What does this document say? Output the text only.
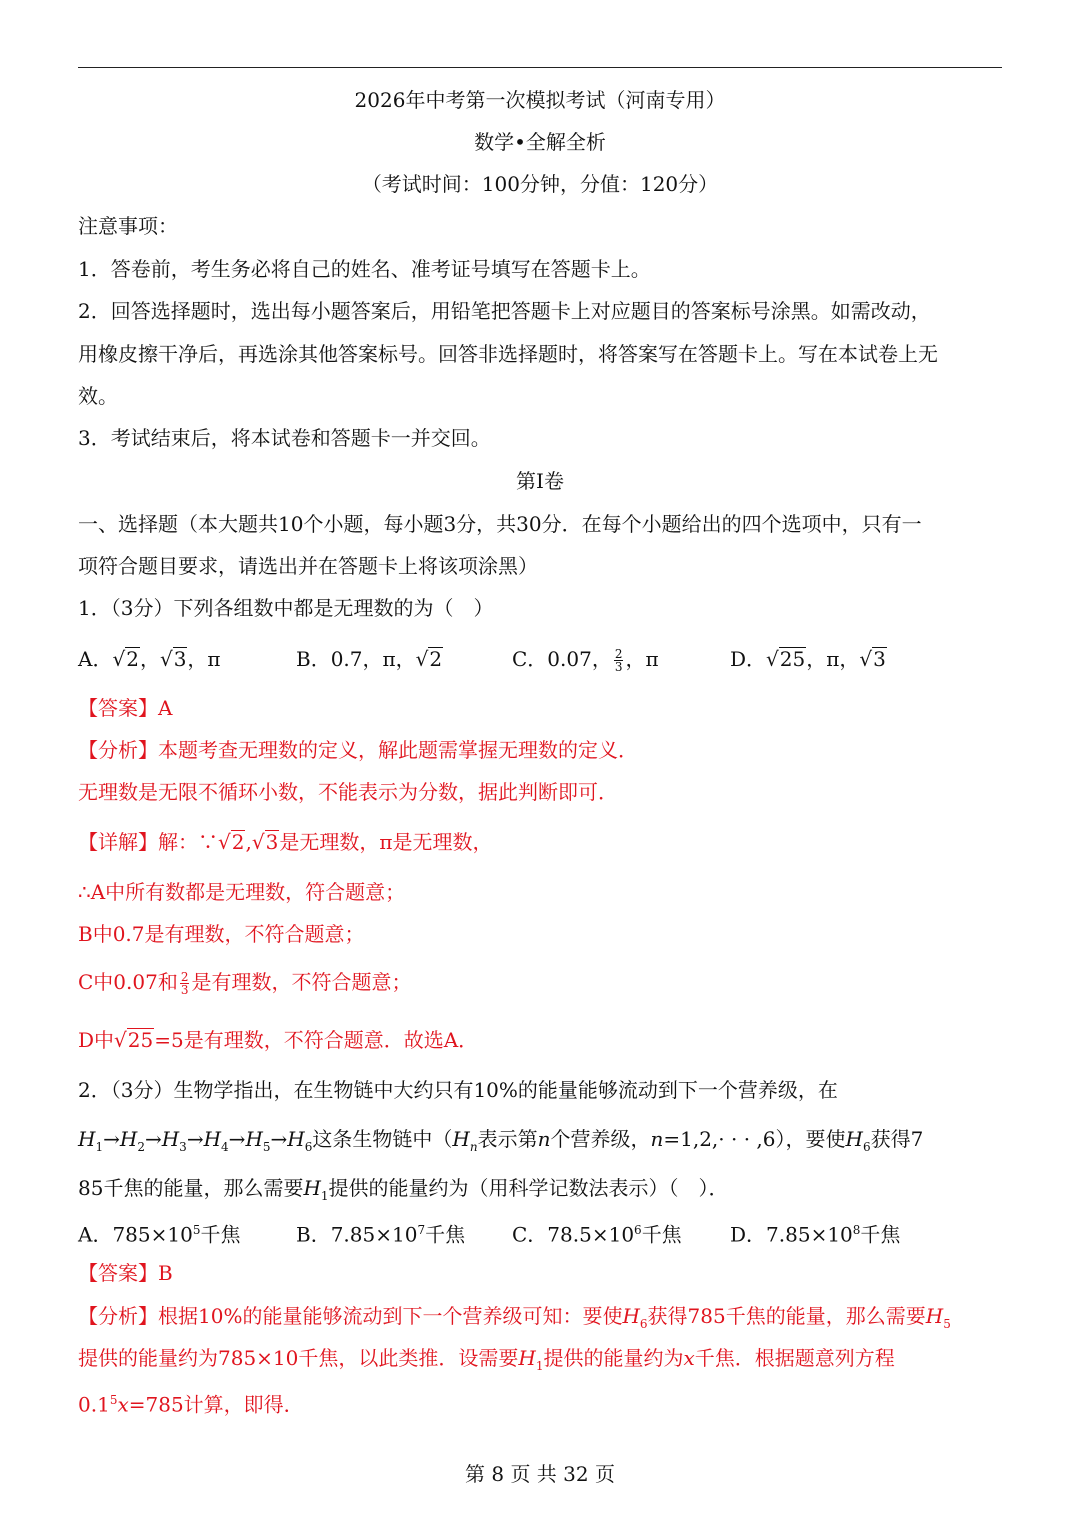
2026年中考第一次模拟考试（河南专用）
数学•全解全析
（考试时间：100分钟，分值：120分）
注意事项：
1．答卷前，考生务必将自己的姓名、准考证号填写在答题卡上。
2．回答选择题时，选出每小题答案后，用铅笔把答题卡上对应题目的答案标号涂黑。如需改动，
用橡皮擦干净后，再选涂其他答案标号。回答非选择题时，将答案写在答题卡上。写在本试卷上无
效。
3．考试结束后，将本试卷和答题卡一并交回。
第I卷
一、选择题（本大题共10个小题，每小题3分，共30分．在每个小题给出的四个选项中，只有一
项符合题目要求，请选出并在答题卡上将该项涂黑）
1．（3分）下列各组数中都是无理数的为（　）
A．√2，√3，π	B．0.7，π，√2	C．0.07， $\frac{2}{3}$ ，π	D．√25，π，√3
【答案】A
【分析】本题考查无理数的定义，解此题需掌握无理数的定义．
无理数是无限不循环小数，不能表示为分数，据此判断即可．
【详解】解：∵√2,√3是无理数，π是无理数，
∴A中所有数都是无理数，符合题意；
B中0.7是有理数，不符合题意；
C中0.07和 $\frac{2}{3}$ 是有理数，不符合题意；
D中√25=5是有理数，不符合题意．故选A．
2．（3分）生物学指出，在生物链中大约只有10%的能量能够流动到下一个营养级，在
$H_1\to H_2\to H_3\to H_4\to H_5\to H_6$这条生物链中（$H_n$表示第n个营养级，n=1,2,· · · ,6），要使$H_6$获得7
85千焦的能量，那么需要$H_1$提供的能量约为（用科学记数法表示）（　）．
A．$785\times 10^5$千焦	B．$7.85\times 10^7$千焦 C．$78.5\times 10^6$千焦 D．$7.85\times 10^8$千焦
【答案】B
【分析】根据10%的能量能够流动到下一个营养级可知：要使$H_6$获得785千焦的能量，那么需要$H_5$
提供的能量约为785×10千焦，以此类推．设需要$H_1$提供的能量约为x千焦．根据题意列方程
$0.1^5x=785$计算，即得．
第 8 页 共 32 页
